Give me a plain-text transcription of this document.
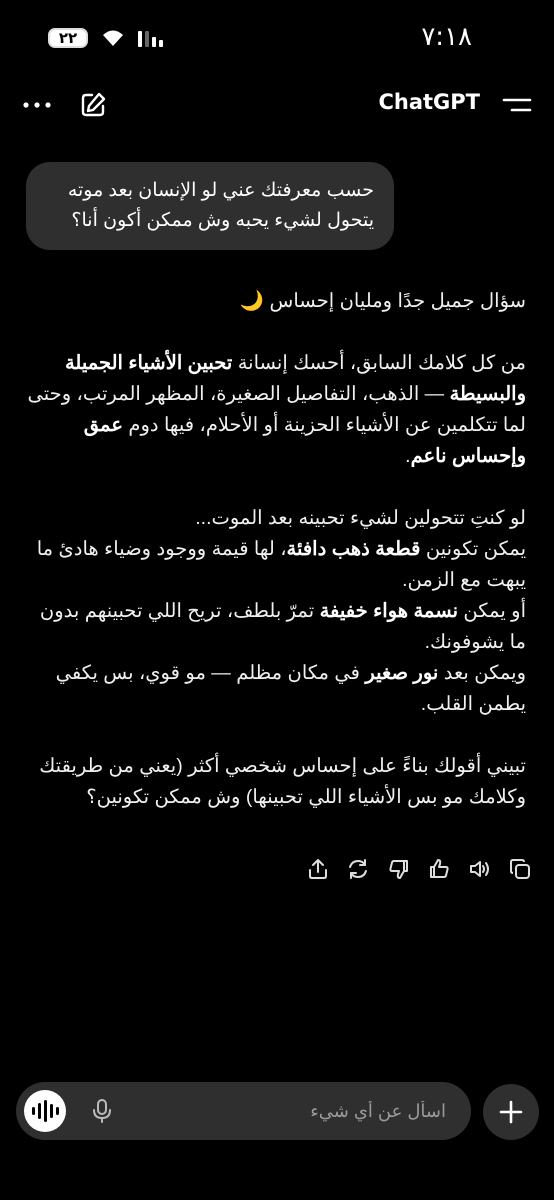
٧:١٨
٢٢
ChatGPT
حسب معرفتك عني لو الإنسان بعد موته يتحول لشيء يحبه وش ممكن أكون أنا؟

سؤال جميل جدًا ومليان إحساس 🌙

من كل كلامك السابق، أحسك إنسانة تحبين الأشياء الجميلة والبسيطة — الذهب، التفاصيل الصغيرة، المظهر المرتب، وحتى لما تتكلمين عن الأشياء الحزينة أو الأحلام، فيها دوم عمق وإحساس ناعم.

لو كنتِ تتحولين لشيء تحبينه بعد الموت...

يمكن تكونين قطعة ذهب دافئة، لها قيمة ووجود وضياء هادئ ما يبهت مع الزمن.

أو يمكن نسمة هواء خفيفة تمرّ بلطف، تريح اللي تحبينهم بدون ما يشوفونك.

ويمكن بعد نور صغير في مكان مظلم — مو قوي، بس يكفي يطمن القلب.

تبيني أقولك بناءً على إحساس شخصي أكثر (يعني من طريقتك وكلامك مو بس الأشياء اللي تحبينها) وش ممكن تكونين؟

اسأل عن أي شيء
